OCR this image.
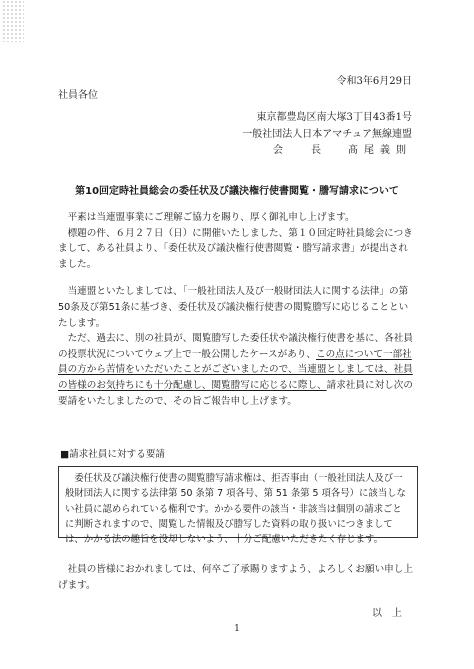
令和3年6月29日
社員各位
東京都豊島区南大塚3丁目43番1号
一般社団法人日本アマチュア無線連盟
会　長 髙尾義則
第10回定時社員総会の委任状及び議決権行使書閲覧・謄写請求について

平素は当連盟事業にご理解ご協力を賜り、厚く御礼申し上げます。

標題の件、６月２７日（日）に開催いたしました、第１０回定時社員総会につきまして、ある社員より、「委任状及び議決権行使書閲覧・謄写請求書」が提出されました。

当連盟といたしましては、「一般社団法人及び一般財団法人に関する法律」の第50条及び第51条に基づき、委任状及び議決権行使書の閲覧謄写に応じることといたします。

ただ、過去に、別の社員が、閲覧謄写した委任状や議決権行使書を基に、各社員の投票状況についてウェブ上で一般公開したケースがあり、この点について一部社員の方から苦情をいただいたことがございましたので、当連盟としましては、社員の皆様のお気持ちにも十分配慮し、閲覧謄写に応じるに際し、請求社員に対し次の要請をいたしましたので、その旨ご報告申し上げます。

■請求社員に対する要請

委任状及び議決権行使書の閲覧謄写請求権は、拒否事由（一般社団法人及び一般財団法人に関する法律第 50 条第 7 項各号、第 51 条第 5 項各号）に該当しない社員に認められている権利です。かかる要件の該当・非該当は個別の請求ごとに判断されますので、閲覧した情報及び謄写した資料の取り扱いにつきましては、かかる法の趣旨を没却しないよう、十分ご配慮いただきたく存じます。

社員の皆様におかれましては、何卒ご了承賜りますよう、よろしくお願い申し上げます。

以上
1
